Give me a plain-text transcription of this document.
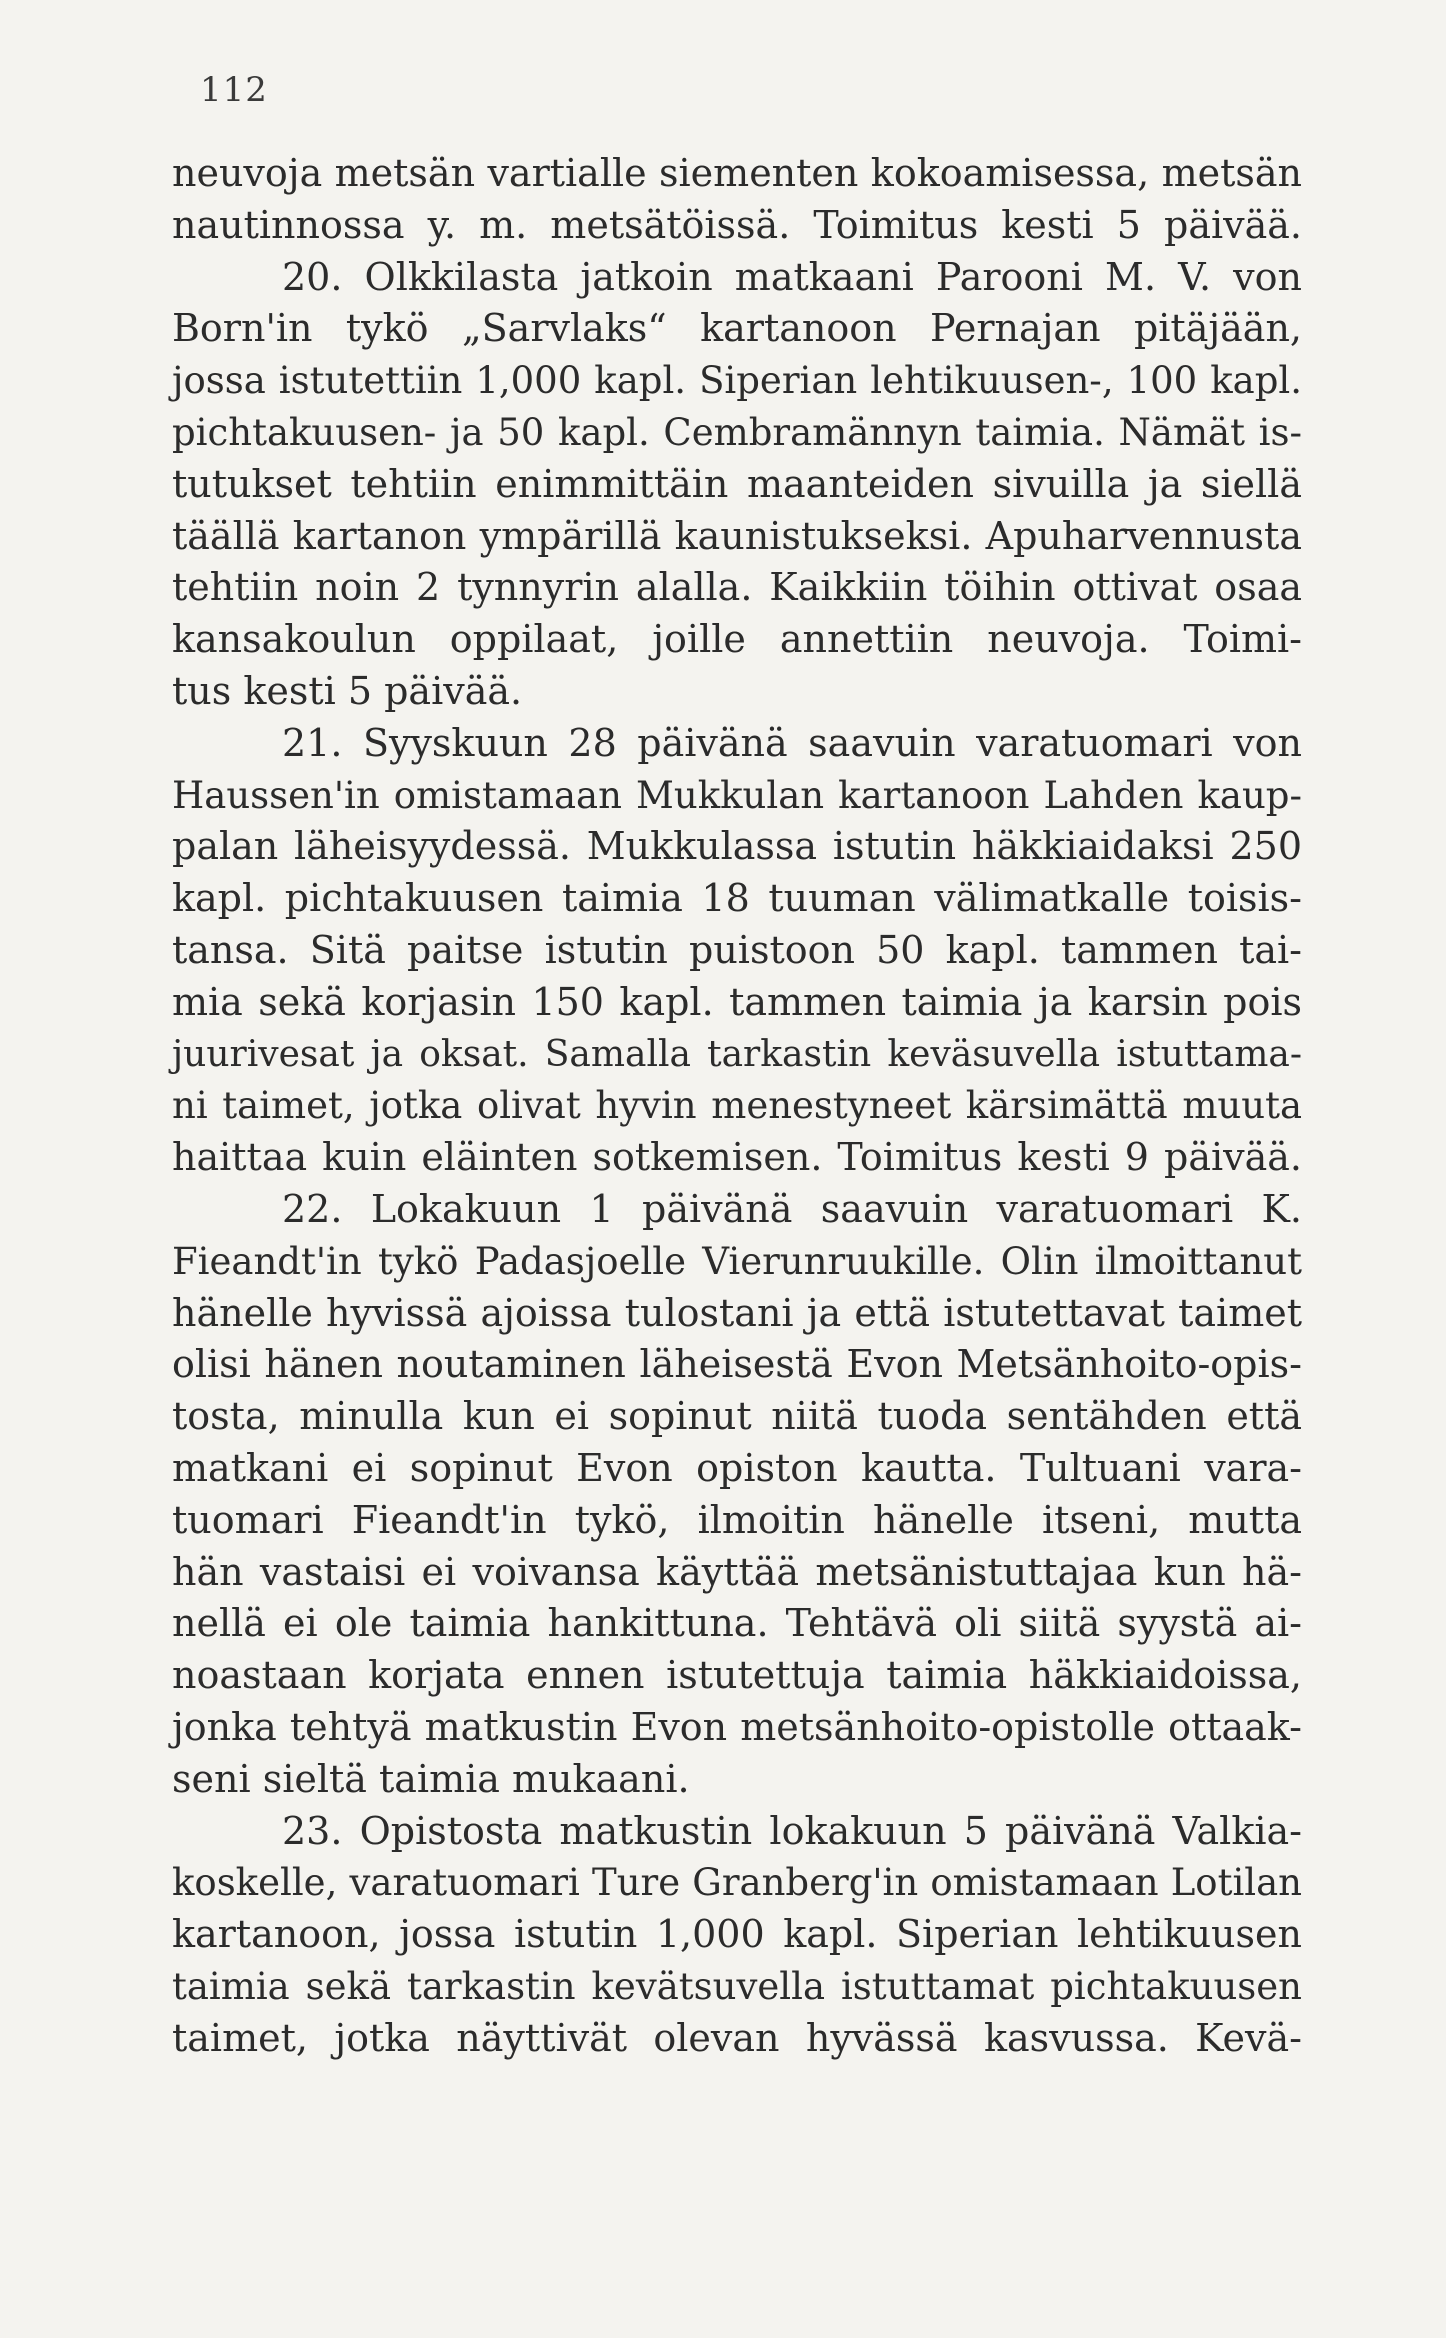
112
neuvoja metsän vartialle siementen kokoamisessa, metsän
nautinnossa y. m. metsätöissä. Toimitus kesti 5 päivää.
20. Olkkilasta jatkoin matkaani Parooni M. V. von
Born'in tykö „Sarvlaks“ kartanoon Pernajan pitäjään,
jossa istutettiin 1,000 kapl. Siperian lehtikuusen-, 100 kapl.
pichtakuusen- ja 50 kapl. Cembramännyn taimia. Nämät is-
tutukset tehtiin enimmittäin maanteiden sivuilla ja siellä
täällä kartanon ympärillä kaunistukseksi. Apuharvennusta
tehtiin noin 2 tynnyrin alalla. Kaikkiin töihin ottivat osaa
kansakoulun oppilaat, joille annettiin neuvoja. Toimi-
tus kesti 5 päivää.
21. Syyskuun 28 päivänä saavuin varatuomari von
Haussen'in omistamaan Mukkulan kartanoon Lahden kaup-
palan läheisyydessä. Mukkulassa istutin häkkiaidaksi 250
kapl. pichtakuusen taimia 18 tuuman välimatkalle toisis-
tansa. Sitä paitse istutin puistoon 50 kapl. tammen tai-
mia sekä korjasin 150 kapl. tammen taimia ja karsin pois
juurivesat ja oksat. Samalla tarkastin keväsuvella istuttama-
ni taimet, jotka olivat hyvin menestyneet kärsimättä muuta
haittaa kuin eläinten sotkemisen. Toimitus kesti 9 päivää.
22. Lokakuun 1 päivänä saavuin varatuomari K.
Fieandt'in tykö Padasjoelle Vierunruukille. Olin ilmoittanut
hänelle hyvissä ajoissa tulostani ja että istutettavat taimet
olisi hänen noutaminen läheisestä Evon Metsänhoito-opis-
tosta, minulla kun ei sopinut niitä tuoda sentähden että
matkani ei sopinut Evon opiston kautta. Tultuani vara-
tuomari Fieandt'in tykö, ilmoitin hänelle itseni, mutta
hän vastaisi ei voivansa käyttää metsänistuttajaa kun hä-
nellä ei ole taimia hankittuna. Tehtävä oli siitä syystä ai-
noastaan korjata ennen istutettuja taimia häkkiaidoissa,
jonka tehtyä matkustin Evon metsänhoito-opistolle ottaak-
seni sieltä taimia mukaani.
23. Opistosta matkustin lokakuun 5 päivänä Valkia-
koskelle, varatuomari Ture Granberg'in omistamaan Lotilan
kartanoon, jossa istutin 1,000 kapl. Siperian lehtikuusen
taimia sekä tarkastin kevätsuvella istuttamat pichtakuusen
taimet, jotka näyttivät olevan hyvässä kasvussa. Kevä-
